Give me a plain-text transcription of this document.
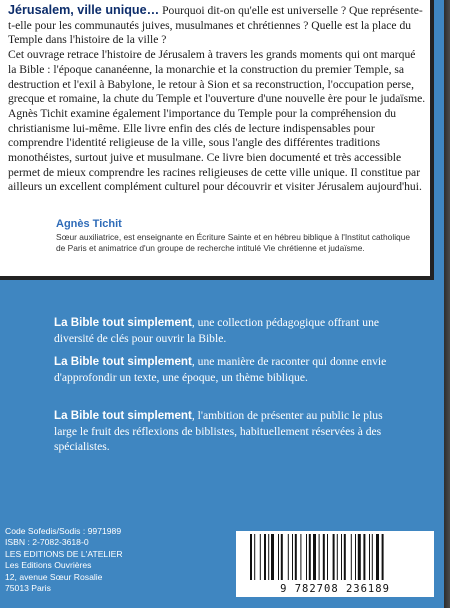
Jérusalem, ville unique… Pourquoi dit-on qu'elle est universelle ? Que représente-t-elle pour les communautés juives, musulmanes et chrétiennes ? Quelle est la place du Temple dans l'histoire de la ville ?

Cet ouvrage retrace l'histoire de Jérusalem à travers les grands moments qui ont marqué la Bible : l'époque cananéenne, la monarchie et la construction du premier Temple, sa destruction et l'exil à Babylone, le retour à Sion et sa reconstruction, l'occupation perse, grecque et romaine, la chute du Temple et l'ouverture d'une nouvelle ère pour le judaïsme. Agnès Tichit examine également l'importance du Temple pour la compréhension du christianisme lui-même. Elle livre enfin des clés de lecture indispensables pour comprendre l'identité religieuse de la ville, sous l'angle des différentes traditions monothéistes, surtout juive et musulmane. Ce livre bien documenté et très accessible permet de mieux comprendre les racines religieuses de cette ville unique. Il constitue par ailleurs un excellent complément culturel pour découvrir et visiter Jérusalem aujourd'hui.

Agnès Tichit
Sœur auxiliatrice, est enseignante en Écriture Sainte et en hébreu biblique à l'Institut catholique de Paris et animatrice d'un groupe de recherche intitulé Vie chrétienne et judaïsme.
La Bible tout simplement, une collection pédagogique offrant une diversité de clés pour ouvrir la Bible.
La Bible tout simplement, une manière de raconter qui donne envie d'approfondir un texte, une époque, un thème biblique.
La Bible tout simplement, l'ambition de présenter au public le plus large le fruit des réflexions de biblistes, habituellement réservées à des spécialistes.
Code Sofedis/Sodis : 9971989
ISBN : 2-7082-3618-0
LES EDITIONS DE L'ATELIER
Les Editions Ouvrières
12, avenue Sœur Rosalie
75013 Paris	9 782708 236189
